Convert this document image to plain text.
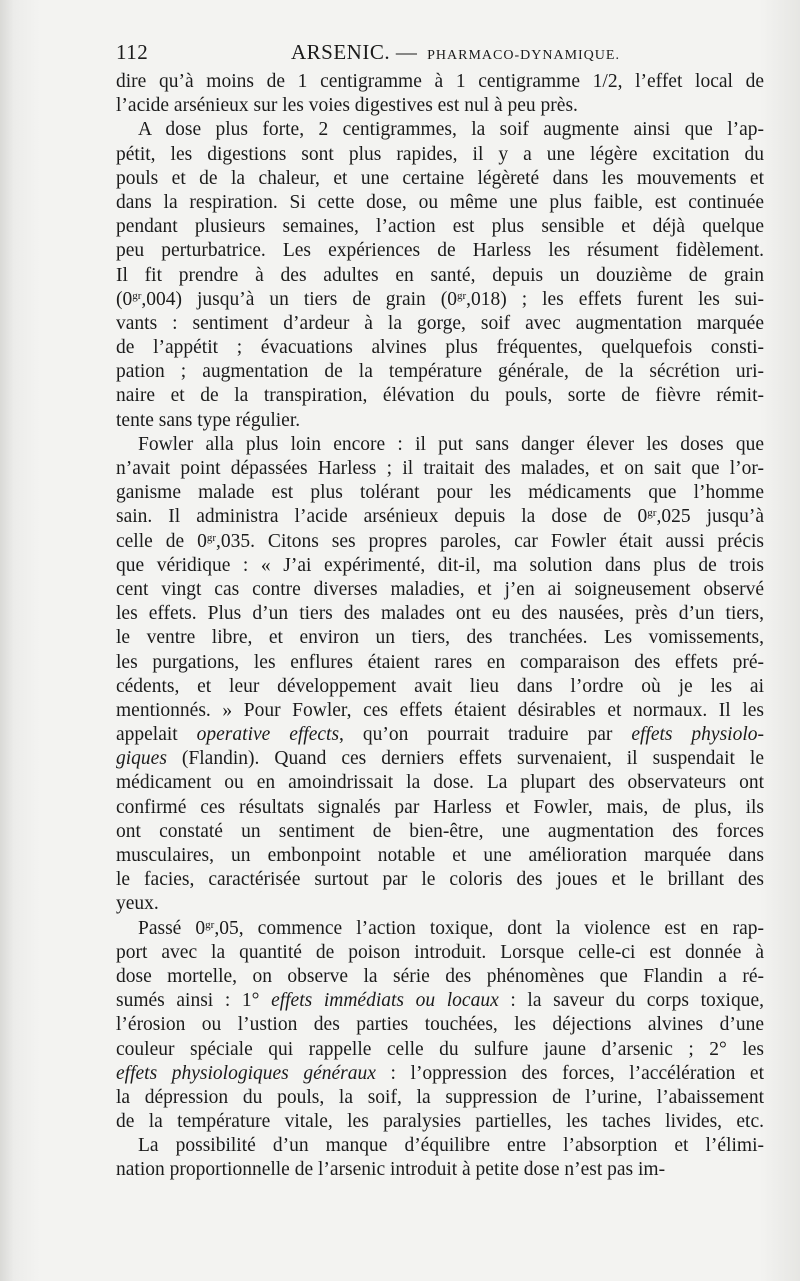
112	ARSENIC. — PHARMACO-DYNAMIQUE.
dire qu’à moins de 1 centigramme à 1 centigramme 1/2, l’effet local de
l’acide arsénieux sur les voies digestives est nul à peu près.
A dose plus forte, 2 centigrammes, la soif augmente ainsi que l’ap-
pétit, les digestions sont plus rapides, il y a une légère excitation du
pouls et de la chaleur, et une certaine légèreté dans les mouvements et
dans la respiration. Si cette dose, ou même une plus faible, est continuée
pendant plusieurs semaines, l’action est plus sensible et déjà quelque
peu perturbatrice. Les expériences de Harless les résument fidèlement.
Il fit prendre à des adultes en santé, depuis un douzième de grain
$(0^{gr},004)$ jusqu’à un tiers de grain $(0^{gr},018)$ ; les effets furent les sui-
vants : sentiment d’ardeur à la gorge, soif avec augmentation marquée
de l’appétit ; évacuations alvines plus fréquentes, quelquefois consti-
pation ; augmentation de la température générale, de la sécrétion uri-
naire et de la transpiration, élévation du pouls, sorte de fièvre rémit-
tente sans type régulier.
Fowler alla plus loin encore : il put sans danger élever les doses que
n’avait point dépassées Harless ; il traitait des malades, et on sait que l’or-
ganisme malade est plus tolérant pour les médicaments que l’homme
sain. Il administra l’acide arsénieux depuis la dose de $0^{gr},025$ jusqu’à
celle de $0^{gr},035$. Citons ses propres paroles, car Fowler était aussi précis
que véridique : « J’ai expérimenté, dit-il, ma solution dans plus de trois
cent vingt cas contre diverses maladies, et j’en ai soigneusement observé
les effets. Plus d’un tiers des malades ont eu des nausées, près d’un tiers,
le ventre libre, et environ un tiers, des tranchées. Les vomissements,
les purgations, les enflures étaient rares en comparaison des effets pré-
cédents, et leur développement avait lieu dans l’ordre où je les ai
mentionnés. » Pour Fowler, ces effets étaient désirables et normaux. Il les
appelait operative effects, qu’on pourrait traduire par effets physiolo-
giques (Flandin). Quand ces derniers effets survenaient, il suspendait le
médicament ou en amoindrissait la dose. La plupart des observateurs ont
confirmé ces résultats signalés par Harless et Fowler, mais, de plus, ils
ont constaté un sentiment de bien-être, une augmentation des forces
musculaires, un embonpoint notable et une amélioration marquée dans
le facies, caractérisée surtout par le coloris des joues et le brillant des
yeux.
Passé $0^{gr},05$, commence l’action toxique, dont la violence est en rap-
port avec la quantité de poison introduit. Lorsque celle-ci est donnée à
dose mortelle, on observe la série des phénomènes que Flandin a ré-
sumés ainsi : 1° effets immédiats ou locaux : la saveur du corps toxique,
l’érosion ou l’ustion des parties touchées, les déjections alvines d’une
couleur spéciale qui rappelle celle du sulfure jaune d’arsenic ; 2° les
effets physiologiques généraux : l’oppression des forces, l’accélération et
la dépression du pouls, la soif, la suppression de l’urine, l’abaissement
de la température vitale, les paralysies partielles, les taches livides, etc.
La possibilité d’un manque d’équilibre entre l’absorption et l’élimi-
nation proportionnelle de l’arsenic introduit à petite dose n’est pas im-
